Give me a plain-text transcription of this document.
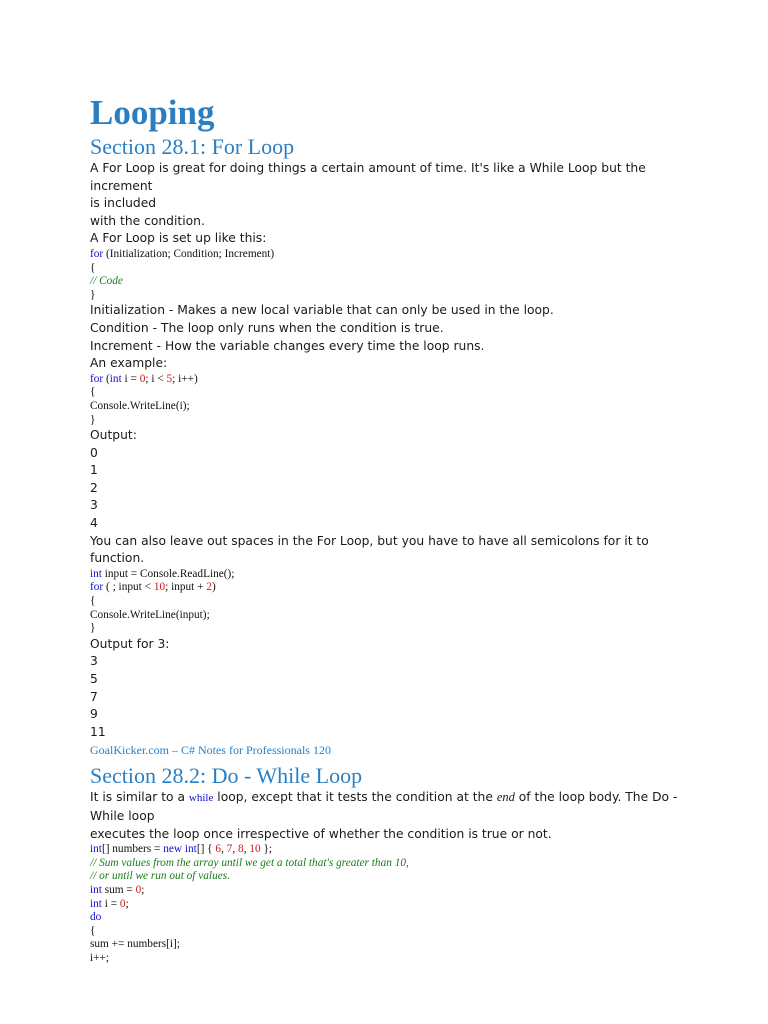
Looping
Section 28.1: For Loop
A For Loop is great for doing things a certain amount of time. It's like a While Loop but the increment
is included
with the condition.
A For Loop is set up like this:
for (Initialization; Condition; Increment)
{
// Code
}
Initialization - Makes a new local variable that can only be used in the loop.
Condition - The loop only runs when the condition is true.
Increment - How the variable changes every time the loop runs.
An example:
for (int i = 0; i < 5; i++)
{
Console.WriteLine(i);
}
Output:
0
1
2
3
4
You can also leave out spaces in the For Loop, but you have to have all semicolons for it to function.
int input = Console.ReadLine();
for ( ; input < 10; input + 2)
{
Console.WriteLine(input);
}
Output for 3:
3
5
7
9
11
GoalKicker.com – C# Notes for Professionals 120
Section 28.2: Do - While Loop
It is similar to a while loop, except that it tests the condition at the end of the loop body. The Do -
While loop
executes the loop once irrespective of whether the condition is true or not.
int[] numbers = new int[] { 6, 7, 8, 10 };
// Sum values from the array until we get a total that's greater than 10,
// or until we run out of values.
int sum = 0;
int i = 0;
do
{
sum += numbers[i];
i++;
